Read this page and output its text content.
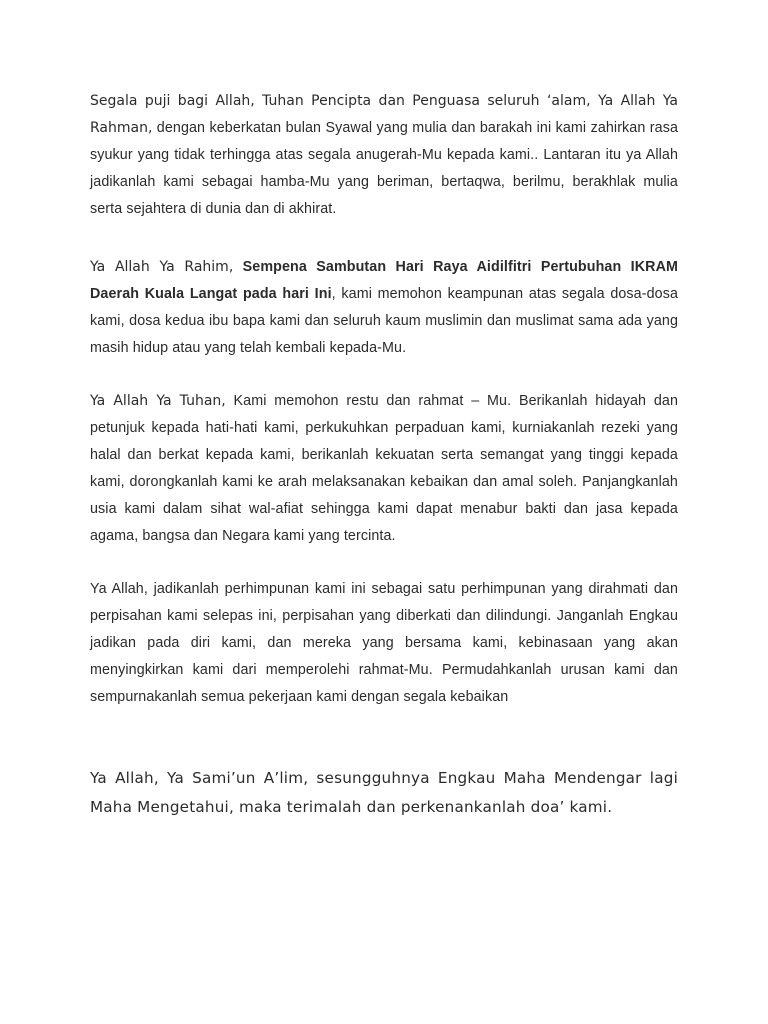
Segala puji bagi Allah, Tuhan Pencipta dan Penguasa seluruh ‘alam, Ya Allah Ya Rahman, dengan keberkatan bulan Syawal yang mulia dan barakah ini kami zahirkan rasa syukur yang tidak terhingga atas segala anugerah-Mu kepada kami.. Lantaran itu ya Allah jadikanlah kami sebagai hamba-Mu yang beriman, bertaqwa, berilmu, berakhlak mulia serta sejahtera di dunia dan di akhirat.

Ya Allah Ya Rahim, Sempena Sambutan Hari Raya Aidilfitri Pertubuhan IKRAM Daerah Kuala Langat pada hari Ini, kami memohon keampunan atas segala dosa-dosa kami, dosa kedua ibu bapa kami dan seluruh kaum muslimin dan muslimat sama ada yang masih hidup atau yang telah kembali kepada-Mu.

Ya Allah Ya Tuhan, Kami memohon restu dan rahmat – Mu. Berikanlah hidayah dan petunjuk kepada hati-hati kami, perkukuhkan perpaduan kami, kurniakanlah rezeki yang halal dan berkat kepada kami, berikanlah kekuatan serta semangat yang tinggi kepada kami, dorongkanlah kami ke arah melaksanakan kebaikan dan amal soleh. Panjangkanlah usia kami dalam sihat wal-afiat sehingga kami dapat menabur bakti dan jasa kepada agama, bangsa dan Negara kami yang tercinta.

Ya Allah, jadikanlah perhimpunan kami ini sebagai satu perhimpunan yang dirahmati dan perpisahan kami selepas ini, perpisahan yang diberkati dan dilindungi. Janganlah Engkau jadikan pada diri kami, dan mereka yang bersama kami, kebinasaan yang akan menyingkirkan kami dari memperolehi rahmat-Mu. Permudahkanlah urusan kami dan sempurnakanlah semua pekerjaan kami dengan segala kebaikan

Ya Allah, Ya Sami’un A’lim, sesungguhnya Engkau Maha Mendengar lagi Maha Mengetahui, maka terimalah dan perkenankanlah doa’ kami.
